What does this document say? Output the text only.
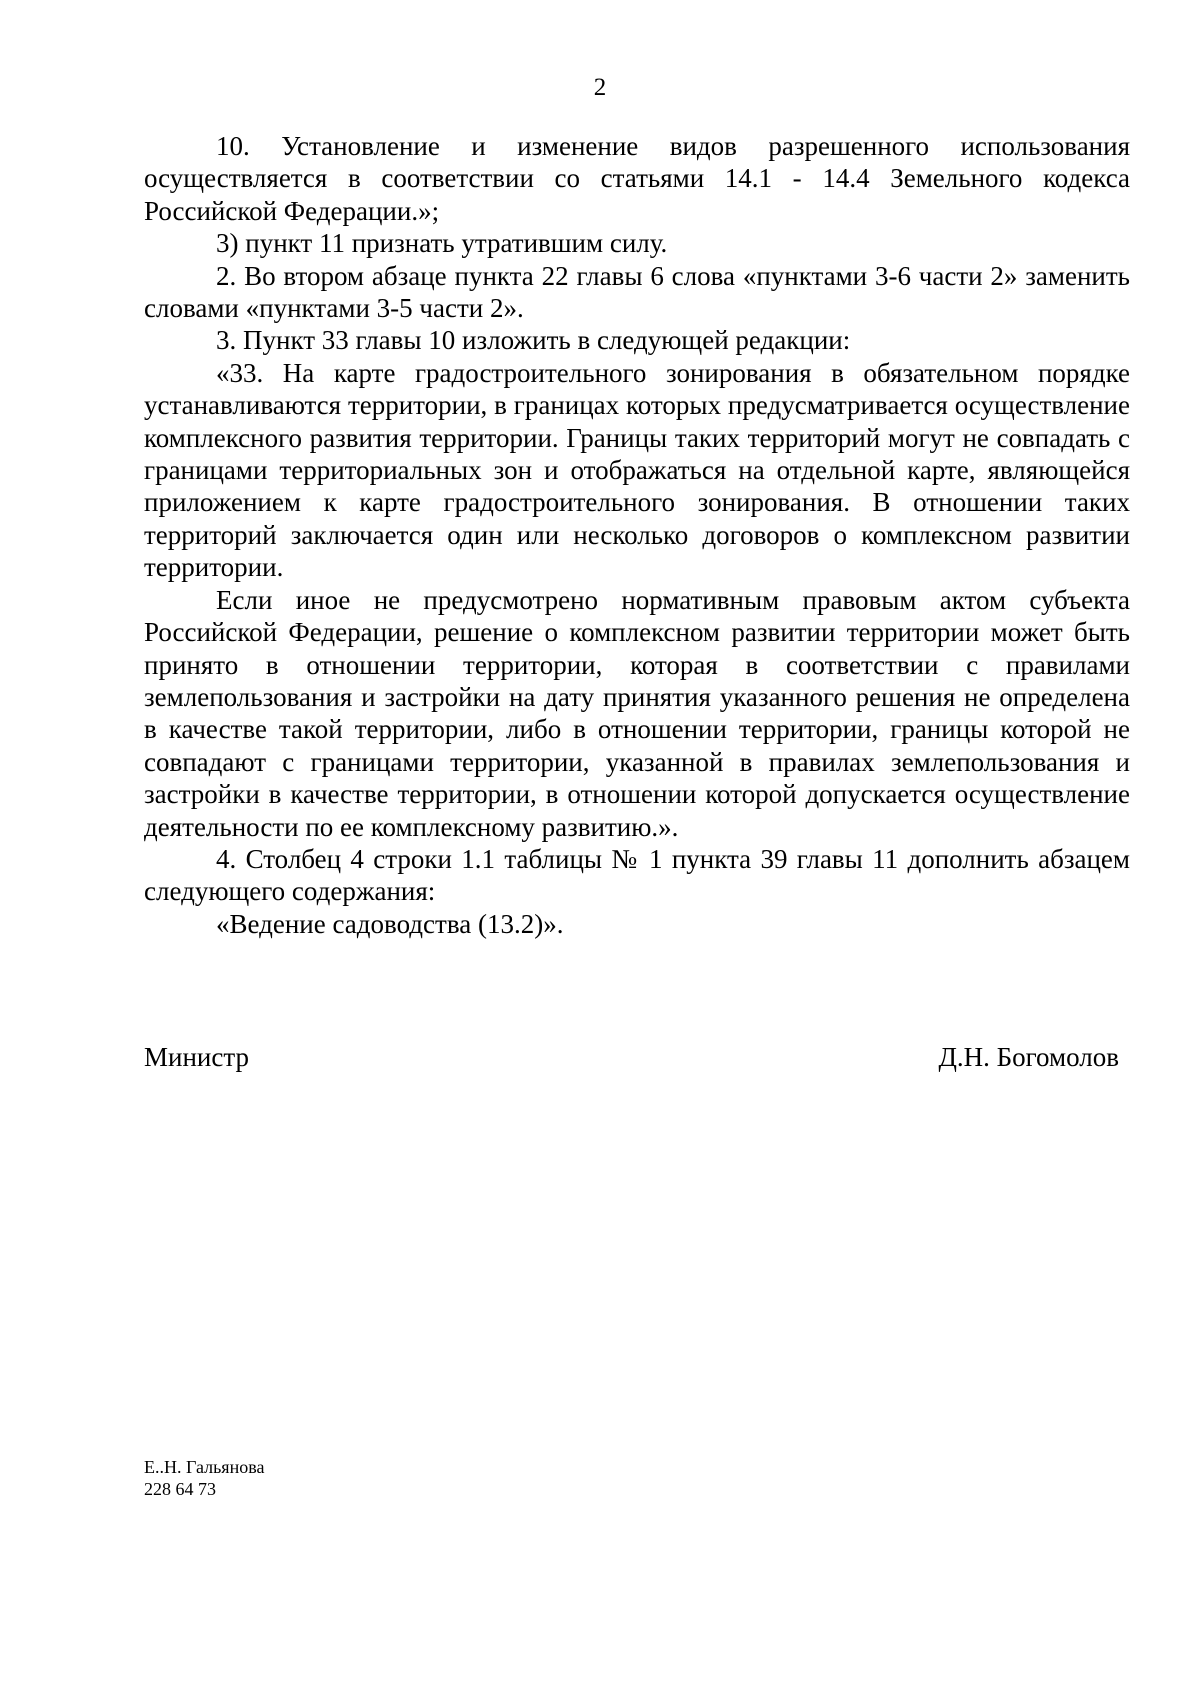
2

10. Установление и изменение видов разрешенного использования осуществляется в соответствии со статьями 14.1 - 14.4 Земельного кодекса Российской Федерации.»;

3) пункт 11 признать утратившим силу.

2. Во втором абзаце пункта 22 главы 6 слова «пунктами 3-6 части 2» заменить словами «пунктами 3-5 части 2».

3. Пункт 33 главы 10 изложить в следующей редакции:

«33. На карте градостроительного зонирования в обязательном порядке устанавливаются территории, в границах которых предусматривается осуществление комплексного развития территории. Границы таких территорий могут не совпадать с границами территориальных зон и отображаться на отдельной карте, являющейся приложением к карте градостроительного зонирования. В отношении таких территорий заключается один или несколько договоров о комплексном развитии территории.

Если иное не предусмотрено нормативным правовым актом субъекта Российской Федерации, решение о комплексном развитии территории может быть принято в отношении территории, которая в соответствии с правилами землепользования и застройки на дату принятия указанного решения не определена в качестве такой территории, либо в отношении территории, границы которой не совпадают с границами территории, указанной в правилах землепользования и застройки в качестве территории, в отношении которой допускается осуществление деятельности по ее комплексному развитию.».

4. Столбец 4 строки 1.1 таблицы № 1 пункта 39 главы 11 дополнить абзацем следующего содержания:

«Ведение садоводства (13.2)».

Министр	Д.Н. Богомолов
Е..Н. Гальянова
228 64 73
